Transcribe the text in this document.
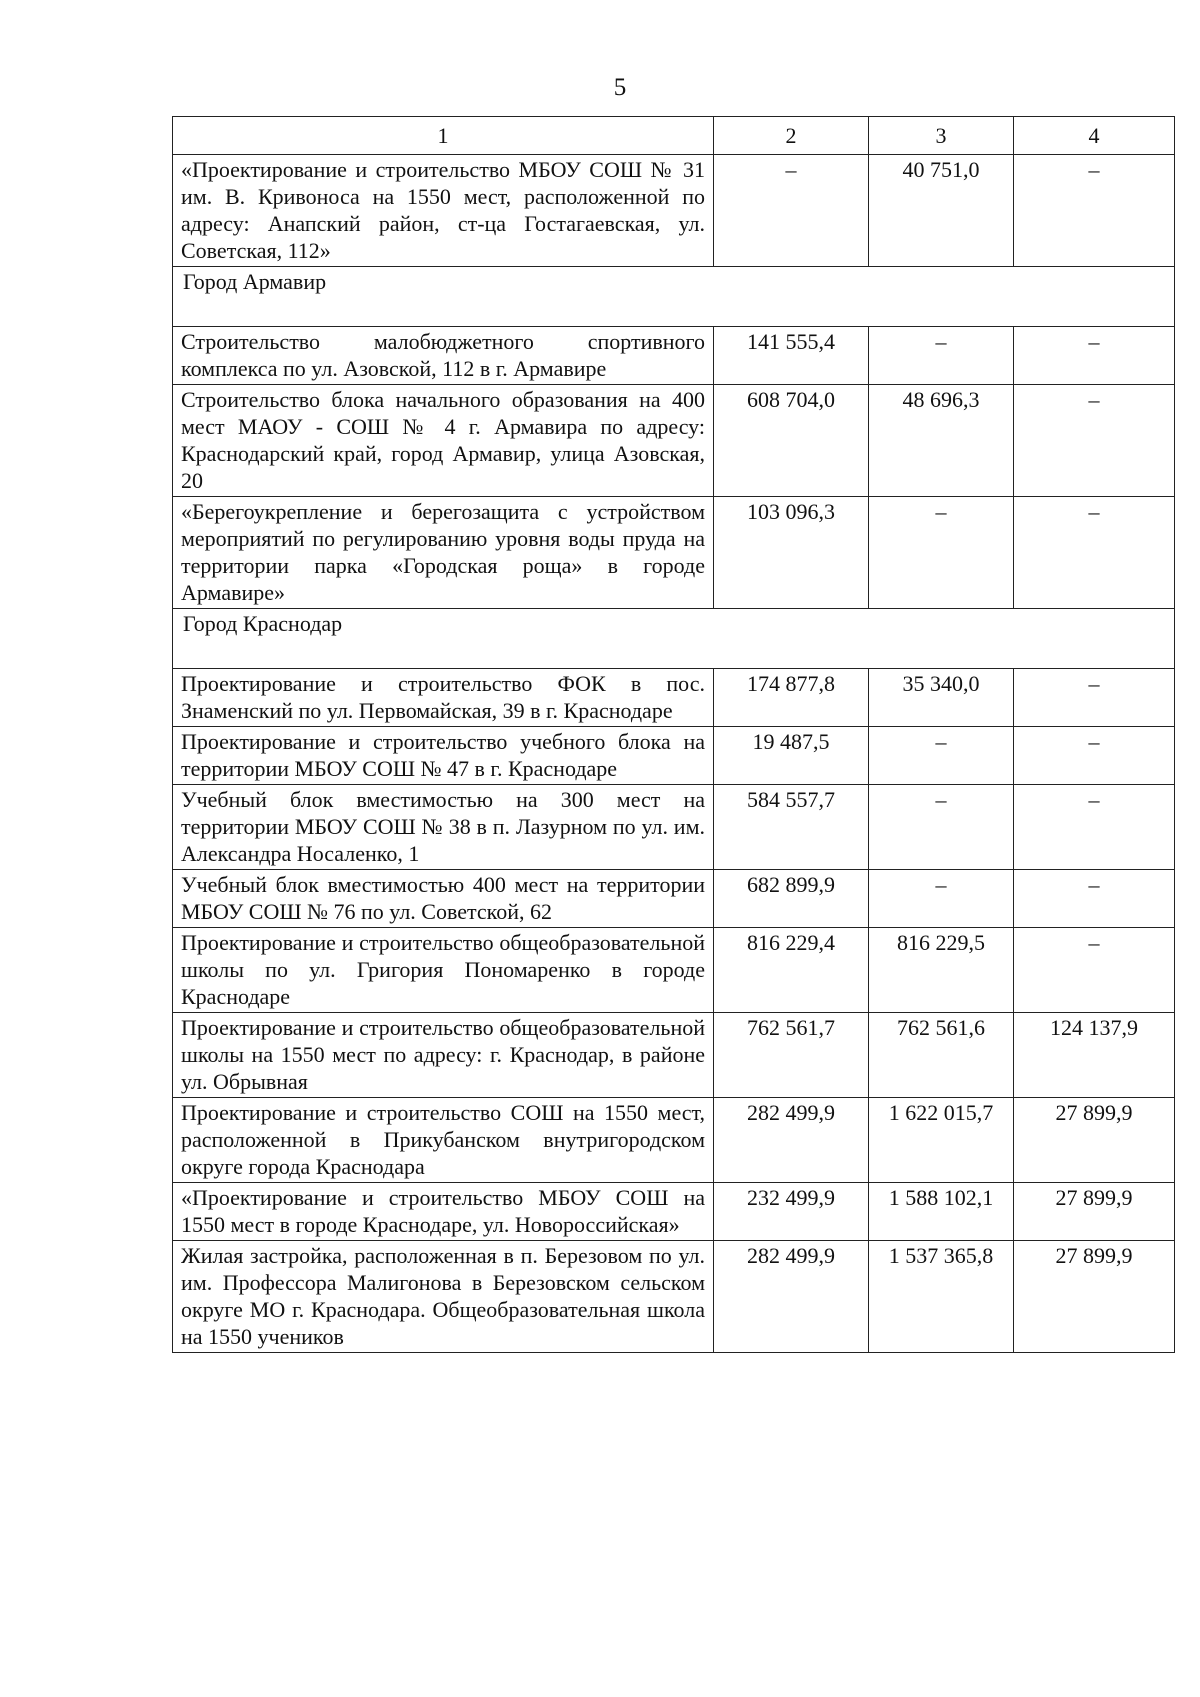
5
1	2	3	4
«Проектирование и строительство МБОУ СОШ № 31 им. В. Кривоноса на 1550 мест, расположенной по адресу: Анапский район, ст-ца Гостагаевская, ул. Советская, 112»	–	40 751,0	–
Город Армавир			
Строительство малобюджетного спортивного комплекса по ул. Азовской, 112 в г. Армавире	141 555,4	–	–
Строительство блока начального образования на 400 мест МАОУ - СОШ № 4 г. Армавира по адресу: Краснодарский край, город Армавир, улица Азовская, 20	608 704,0	48 696,3	–
«Берегоукрепление и берегозащита с устройством мероприятий по регулированию уровня воды пруда на территории парка «Городская роща» в городе Армавире»	103 096,3	–	–
Город Краснодар			
Проектирование и строительство ФОК в пос. Знаменский по ул. Первомайская, 39 в г. Краснодаре	174 877,8	35 340,0	–
Проектирование и строительство учебного блока на территории МБОУ СОШ № 47 в г. Краснодаре	19 487,5	–	–
Учебный блок вместимостью на 300 мест на территории МБОУ СОШ № 38 в п. Лазурном по ул. им. Александра Носаленко, 1	584 557,7	–	–
Учебный блок вместимостью 400 мест на территории МБОУ СОШ № 76 по ул. Советской, 62	682 899,9	–	–
Проектирование и строительство общеобразовательной школы по ул. Григория Пономаренко в городе Краснодаре	816 229,4	816 229,5	–
Проектирование и строительство общеобразовательной школы на 1550 мест по адресу: г. Краснодар, в районе ул. Обрывная	762 561,7	762 561,6	124 137,9
Проектирование и строительство СОШ на 1550 мест, расположенной в Прикубанском внутригородском округе города Краснодара	282 499,9	1 622 015,7	27 899,9
«Проектирование и строительство МБОУ СОШ на 1550 мест в городе Краснодаре, ул. Новороссийская»	232 499,9	1 588 102,1	27 899,9
Жилая застройка, расположенная в п. Березовом по ул. им. Профессора Малигонова в Березовском сельском округе МО г. Краснодара. Общеобразовательная школа на 1550 учеников	282 499,9	1 537 365,8	27 899,9
